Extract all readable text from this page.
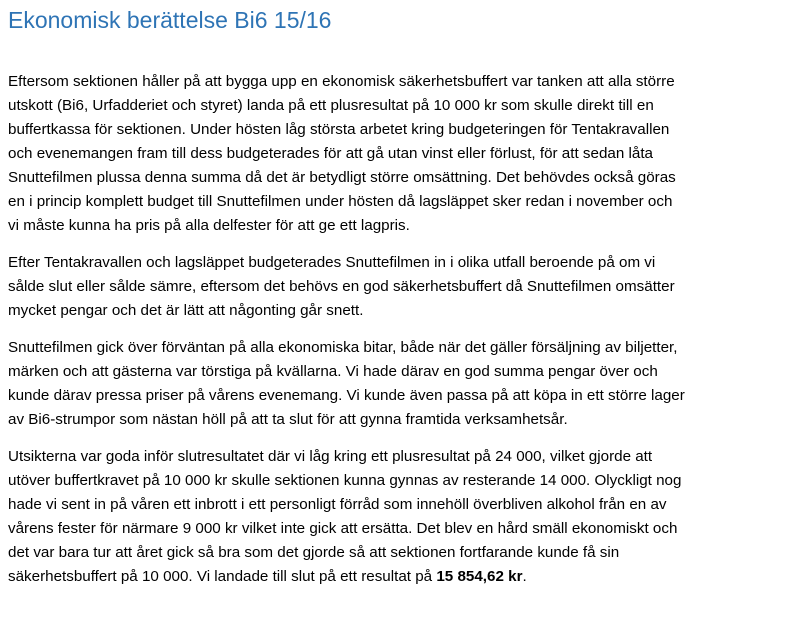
Ekonomisk berättelse Bi6 15/16

Eftersom sektionen håller på att bygga upp en ekonomisk säkerhetsbuffert var tanken att alla större
utskott (Bi6, Urfadderiet och styret) landa på ett plusresultat på 10 000 kr som skulle direkt till en
buffertkassa för sektionen. Under hösten låg största arbetet kring budgeteringen för Tentakravallen
och evenemangen fram till dess budgeterades för att gå utan vinst eller förlust, för att sedan låta
Snuttefilmen plussa denna summa då det är betydligt större omsättning. Det behövdes också göras
en i princip komplett budget till Snuttefilmen under hösten då lagsläppet sker redan i november och
vi måste kunna ha pris på alla delfester för att ge ett lagpris.

Efter Tentakravallen och lagsläppet budgeterades Snuttefilmen in i olika utfall beroende på om vi
sålde slut eller sålde sämre, eftersom det behövs en god säkerhetsbuffert då Snuttefilmen omsätter
mycket pengar och det är lätt att någonting går snett.

Snuttefilmen gick över förväntan på alla ekonomiska bitar, både när det gäller försäljning av biljetter,
märken och att gästerna var törstiga på kvällarna. Vi hade därav en god summa pengar över och
kunde därav pressa priser på vårens evenemang. Vi kunde även passa på att köpa in ett större lager
av Bi6-strumpor som nästan höll på att ta slut för att gynna framtida verksamhetsår.

Utsikterna var goda inför slutresultatet där vi låg kring ett plusresultat på 24 000, vilket gjorde att
utöver buffertkravet på 10 000 kr skulle sektionen kunna gynnas av resterande 14 000. Olyckligt nog
hade vi sent in på våren ett inbrott i ett personligt förråd som innehöll överbliven alkohol från en av
vårens fester för närmare 9 000 kr vilket inte gick att ersätta. Det blev en hård smäll ekonomiskt och
det var bara tur att året gick så bra som det gjorde så att sektionen fortfarande kunde få sin
säkerhetsbuffert på 10 000. Vi landade till slut på ett resultat på 15 854,62 kr.
